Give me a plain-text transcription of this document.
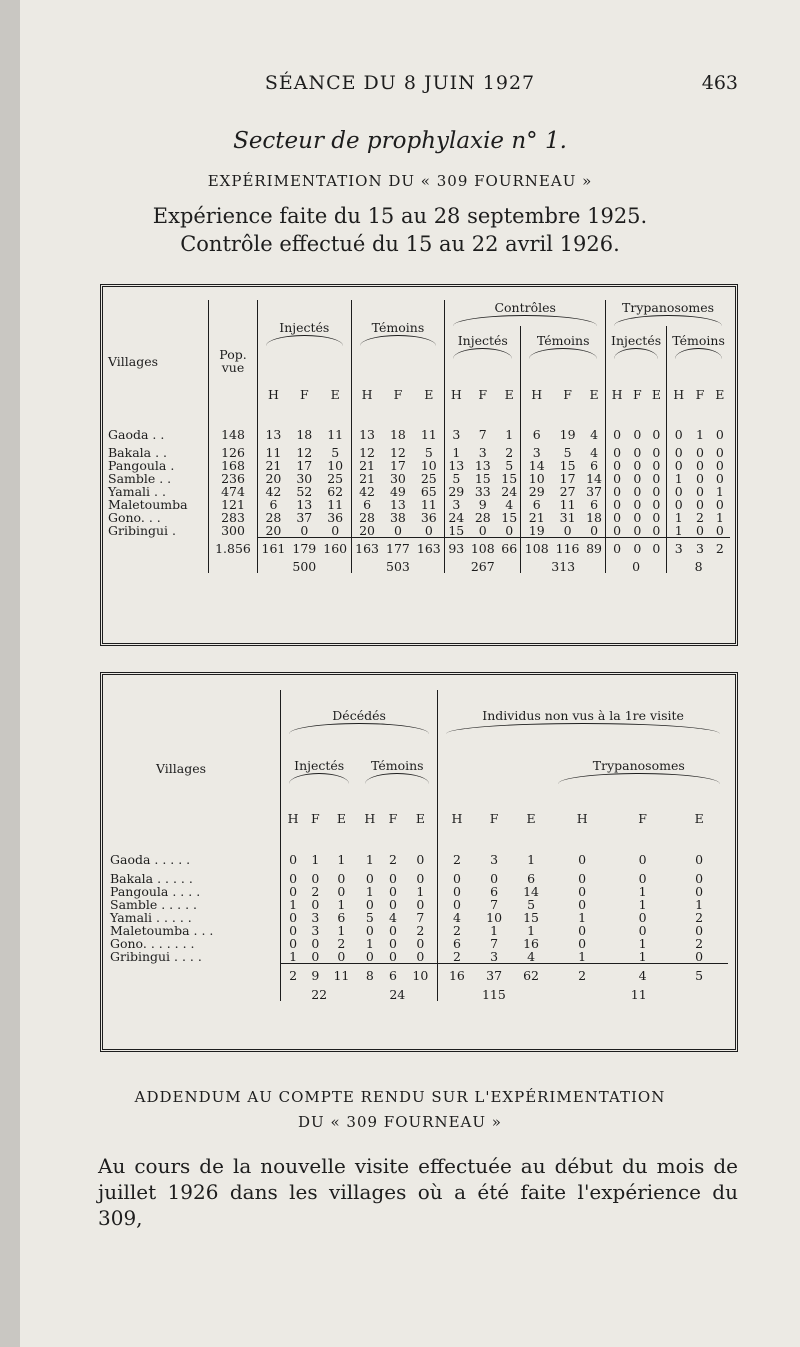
SÉANCE DU 8 JUIN 1927	463
Secteur de prophylaxie n° 1.
EXPÉRIMENTATION DU « 309 FOURNEAU »
Expérience faite du 15 au 28 septembre 1925.
Contrôle effectué du 15 au 22 avril 1926.
Villages	Pop. vue	Injectés			Témoins			Contrôles						Trypanosomes					

								Injectés			Témoins			Injectés			Témoins		

		H	F	E	H	F	E	H	F	E	H	F	E	H	F	E	H	F	E
Gaoda . .	148	13	18	11	13	18	11	3	7	1	6	19	4	0	0	0	0	1	0
Bakala . .	126	11	12	5	12	12	5	1	3	2	3	5	4	0	0	0	0	0	0
Pangoula .	168	21	17	10	21	17	10	13	13	5	14	15	6	0	0	0	0	0	0
Samble . .	236	20	30	25	21	30	25	5	15	15	10	17	14	0	0	0	1	0	0
Yamali . .	474	42	52	62	42	49	65	29	33	24	29	27	37	0	0	0	0	0	1
Maletoumba	121	6	13	11	6	13	11	3	9	4	6	11	6	0	0	0	0	0	0
Gono. . .	283	28	37	36	28	38	36	24	28	15	21	31	18	0	0	0	1	2	1
Gribingui .	300	20	0	0	20	0	0	15	0	0	19	0	0	0	0	0	1	0	0
	1.856	161	179	160	163	177	163	93	108	66	108	116	89	0	0	0	3	3	2
		500			503			267			313			0			8		
Villages	Décédés						Individus non vus à la 1re visite					

	Injectés			Témoins						Trypanosomes		

	H	F	E	H	F	E	H	F	E	H	F	E
Gaoda . . . . .	0	1	1	1	2	0	2	3	1	0	0	0
Bakala . . . . .	0	0	0	0	0	0	0	0	6	0	0	0
Pangoula . . . .	0	2	0	1	0	1	0	6	14	0	1	0
Samble . . . . .	1	0	1	0	0	0	0	7	5	0	1	1
Yamali . . . . .	0	3	6	5	4	7	4	10	15	1	0	2
Maletoumba . . .	0	3	1	0	0	2	2	1	1	0	0	0
Gono. . . . . . .	0	0	2	1	0	0	6	7	16	0	1	2
Gribingui . . . .	1	0	0	0	0	0	2	3	4	1	1	0
	2	9	11	8	6	10	16	37	62	2	4	5
	22			24			115			11		
ADDENDUM AU COMPTE RENDU SUR L'EXPÉRIMENTATION
DU « 309 FOURNEAU »
Au cours de la nouvelle visite effectuée au début du mois de juillet 1926 dans les villages où a été faite l'expérience du 309,
